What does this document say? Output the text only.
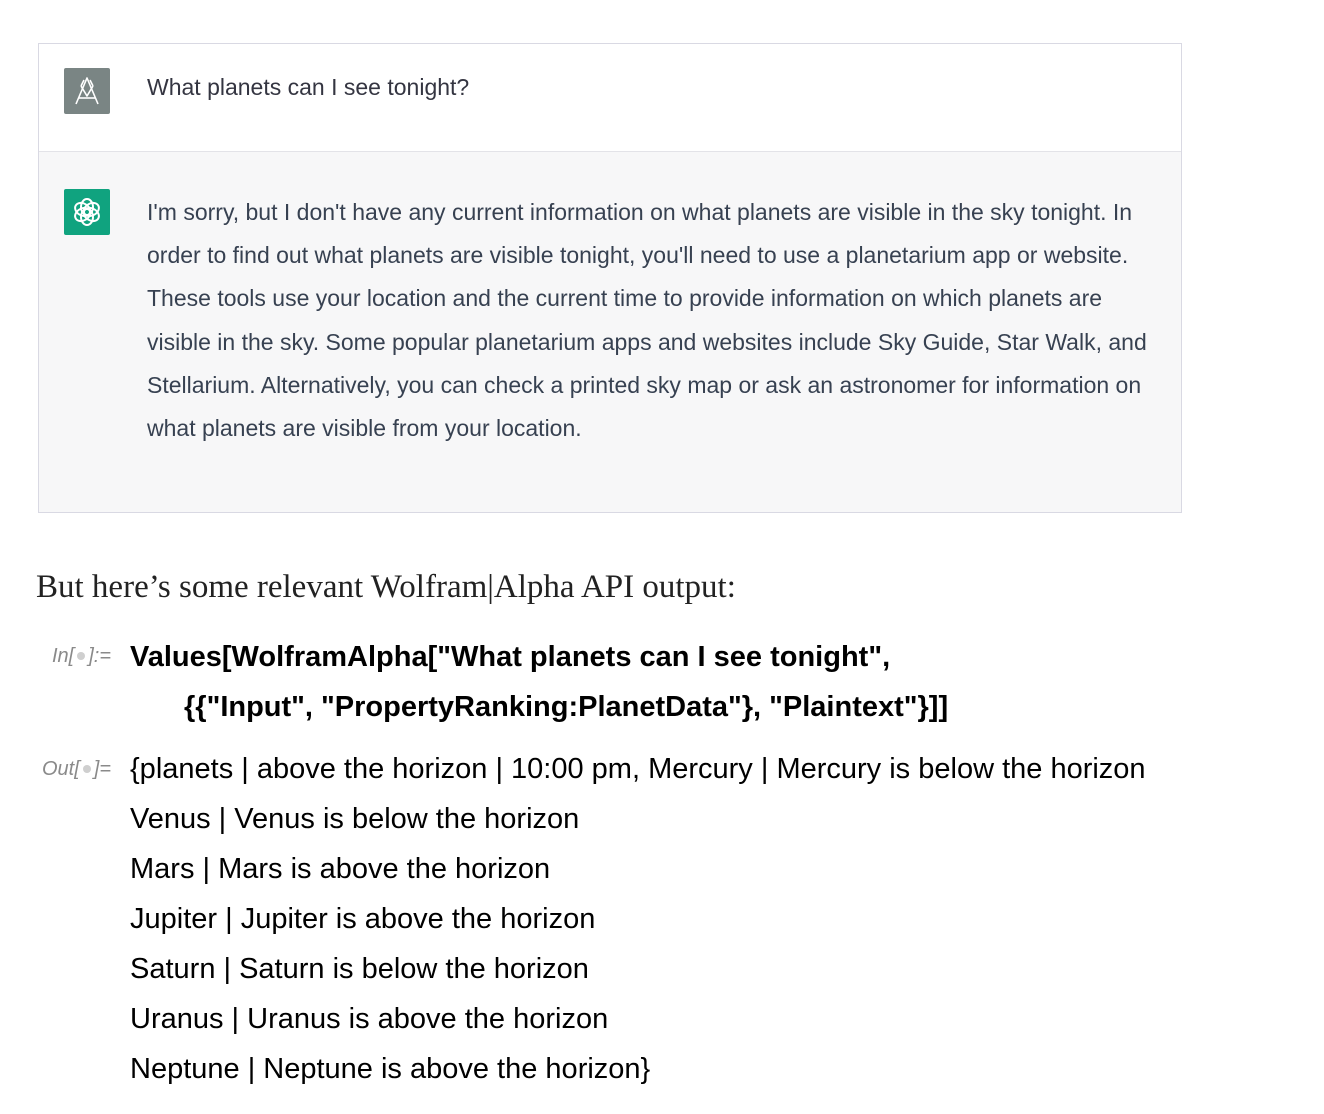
What planets can I see tonight?
I'm sorry, but I don't have any current information on what planets are visible in the sky tonight. In order to find out what planets are visible tonight, you'll need to use a planetarium app or website. These tools use your location and the current time to provide information on which planets are visible in the sky. Some popular planetarium apps and websites include Sky Guide, Star Walk, and Stellarium. Alternatively, you can check a printed sky map or ask an astronomer for information on what planets are visible from your location.
But here’s some relevant Wolfram|Alpha API output:
In[ ]:= Values[WolframAlpha["What planets can I see tonight",
{{"Input", "PropertyRanking:PlanetData"}, "Plaintext"}]]
Out[ ]= {planets | above the horizon | 10:00 pm, Mercury | Mercury is below the horizon
Venus | Venus is below the horizon
Mars | Mars is above the horizon
Jupiter | Jupiter is above the horizon
Saturn | Saturn is below the horizon
Uranus | Uranus is above the horizon
Neptune | Neptune is above the horizon}
